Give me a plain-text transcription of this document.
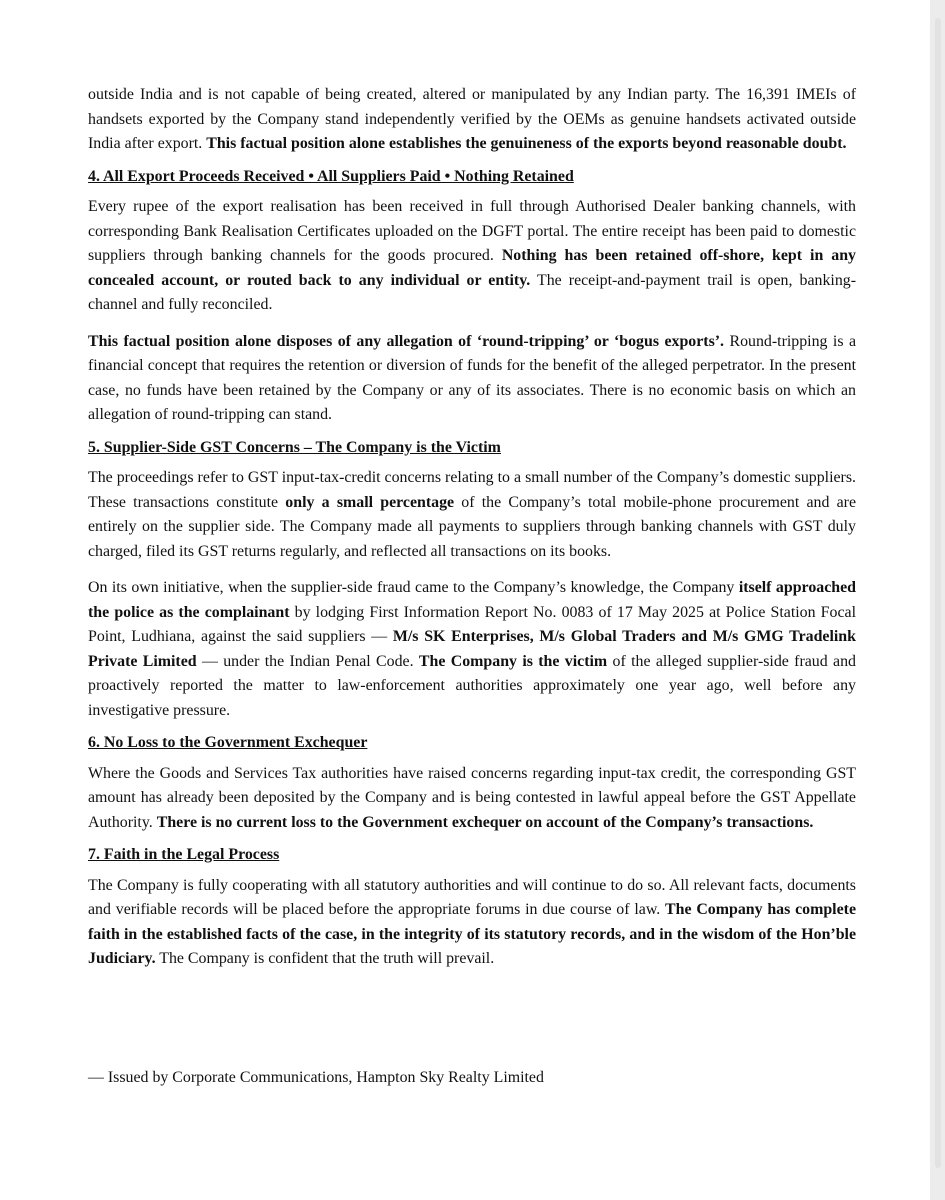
outside India and is not capable of being created, altered or manipulated by any Indian party. The 16,391 IMEIs of handsets exported by the Company stand independently verified by the OEMs as genuine handsets activated outside India after export. This factual position alone establishes the genuineness of the exports beyond reasonable doubt.

4. All Export Proceeds Received • All Suppliers Paid • Nothing Retained

Every rupee of the export realisation has been received in full through Authorised Dealer banking channels, with corresponding Bank Realisation Certificates uploaded on the DGFT portal. The entire receipt has been paid to domestic suppliers through banking channels for the goods procured. Nothing has been retained off-shore, kept in any concealed account, or routed back to any individual or entity. The receipt-and-payment trail is open, banking-channel and fully reconciled.

This factual position alone disposes of any allegation of ‘round-tripping’ or ‘bogus exports’. Round-tripping is a financial concept that requires the retention or diversion of funds for the benefit of the alleged perpetrator. In the present case, no funds have been retained by the Company or any of its associates. There is no economic basis on which an allegation of round-tripping can stand.

5. Supplier-Side GST Concerns – The Company is the Victim

The proceedings refer to GST input-tax-credit concerns relating to a small number of the Company’s domestic suppliers. These transactions constitute only a small percentage of the Company’s total mobile-phone procurement and are entirely on the supplier side. The Company made all payments to suppliers through banking channels with GST duly charged, filed its GST returns regularly, and reflected all transactions on its books.

On its own initiative, when the supplier-side fraud came to the Company’s knowledge, the Company itself approached the police as the complainant by lodging First Information Report No. 0083 of 17 May 2025 at Police Station Focal Point, Ludhiana, against the said suppliers — M/s SK Enterprises, M/s Global Traders and M/s GMG Tradelink Private Limited — under the Indian Penal Code. The Company is the victim of the alleged supplier-side fraud and proactively reported the matter to law-enforcement authorities approximately one year ago, well before any investigative pressure.

6. No Loss to the Government Exchequer

Where the Goods and Services Tax authorities have raised concerns regarding input-tax credit, the corresponding GST amount has already been deposited by the Company and is being contested in lawful appeal before the GST Appellate Authority. There is no current loss to the Government exchequer on account of the Company’s transactions.

7. Faith in the Legal Process

The Company is fully cooperating with all statutory authorities and will continue to do so. All relevant facts, documents and verifiable records will be placed before the appropriate forums in due course of law. The Company has complete faith in the established facts of the case, in the integrity of its statutory records, and in the wisdom of the Hon’ble Judiciary. The Company is confident that the truth will prevail.

— Issued by Corporate Communications, Hampton Sky Realty Limited
